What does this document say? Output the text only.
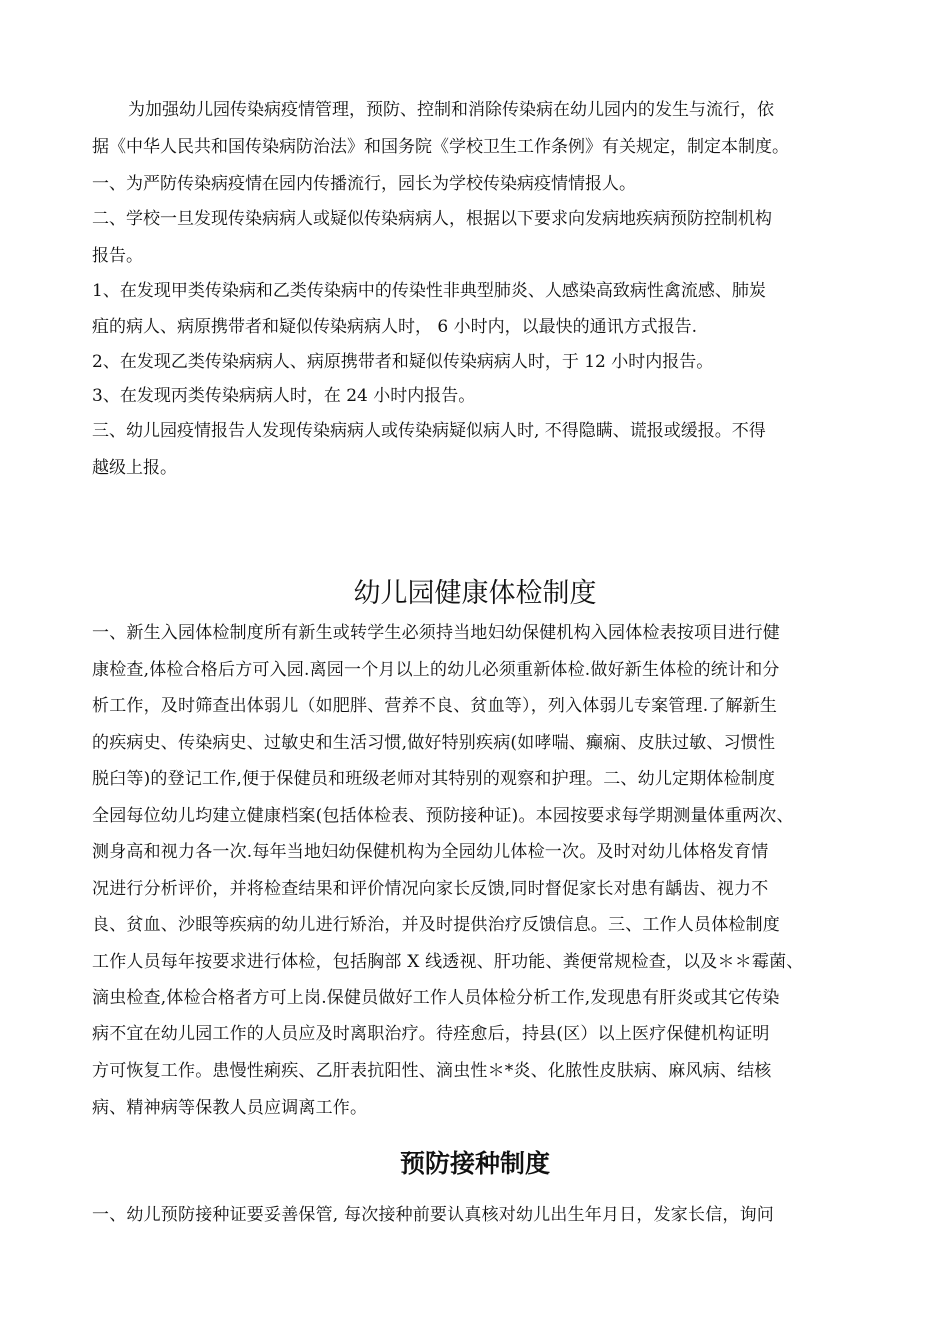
为加强幼儿园传染病疫情管理，预防、控制和消除传染病在幼儿园内的发生与流行，依
据《中华人民共和国传染病防治法》和国务院《学校卫生工作条例》有关规定，制定本制度。
一、为严防传染病疫情在园内传播流行，园长为学校传染病疫情情报人。
二、学校一旦发现传染病病人或疑似传染病病人，根据以下要求向发病地疾病预防控制机构
报告。
1、在发现甲类传染病和乙类传染病中的传染性非典型肺炎、人感染高致病性禽流感、肺炭
疽的病人、病原携带者和疑似传染病病人时， 6 小时内，以最快的通讯方式报告.
2、在发现乙类传染病病人、病原携带者和疑似传染病病人时，于 12 小时内报告。
3、在发现丙类传染病病人时，在 24 小时内报告。
三、幼儿园疫情报告人发现传染病病人或传染病疑似病人时, 不得隐瞒、谎报或缓报。不得
越级上报。
幼儿园健康体检制度
一、新生入园体检制度所有新生或转学生必须持当地妇幼保健机构入园体检表按项目进行健
康检查,体检合格后方可入园.离园一个月以上的幼儿必须重新体检.做好新生体检的统计和分
析工作，及时筛查出体弱儿（如肥胖、营养不良、贫血等），列入体弱儿专案管理.了解新生
的疾病史、传染病史、过敏史和生活习惯,做好特别疾病(如哮喘、癫痫、皮肤过敏、习惯性
脱臼等)的登记工作,便于保健员和班级老师对其特别的观察和护理。二、幼儿定期体检制度
全园每位幼儿均建立健康档案(包括体检表、预防接种证)。本园按要求每学期测量体重两次、
测身高和视力各一次.每年当地妇幼保健机构为全园幼儿体检一次。及时对幼儿体格发育情
况进行分析评价，并将检查结果和评价情况向家长反馈,同时督促家长对患有龋齿、视力不
良、贫血、沙眼等疾病的幼儿进行矫治，并及时提供治疗反馈信息。三、工作人员体检制度
工作人员每年按要求进行体检，包括胸部 X 线透视、肝功能、粪便常规检查，以及＊＊霉菌、
滴虫检查,体检合格者方可上岗.保健员做好工作人员体检分析工作,发现患有肝炎或其它传染
病不宜在幼儿园工作的人员应及时离职治疗。待痊愈后，持县(区）以上医疗保健机构证明
方可恢复工作。患慢性痢疾、乙肝表抗阳性、滴虫性＊*炎、化脓性皮肤病、麻风病、结核
病、精神病等保教人员应调离工作。
预防接种制度
一、幼儿预防接种证要妥善保管, 每次接种前要认真核对幼儿出生年月日，发家长信，询问
